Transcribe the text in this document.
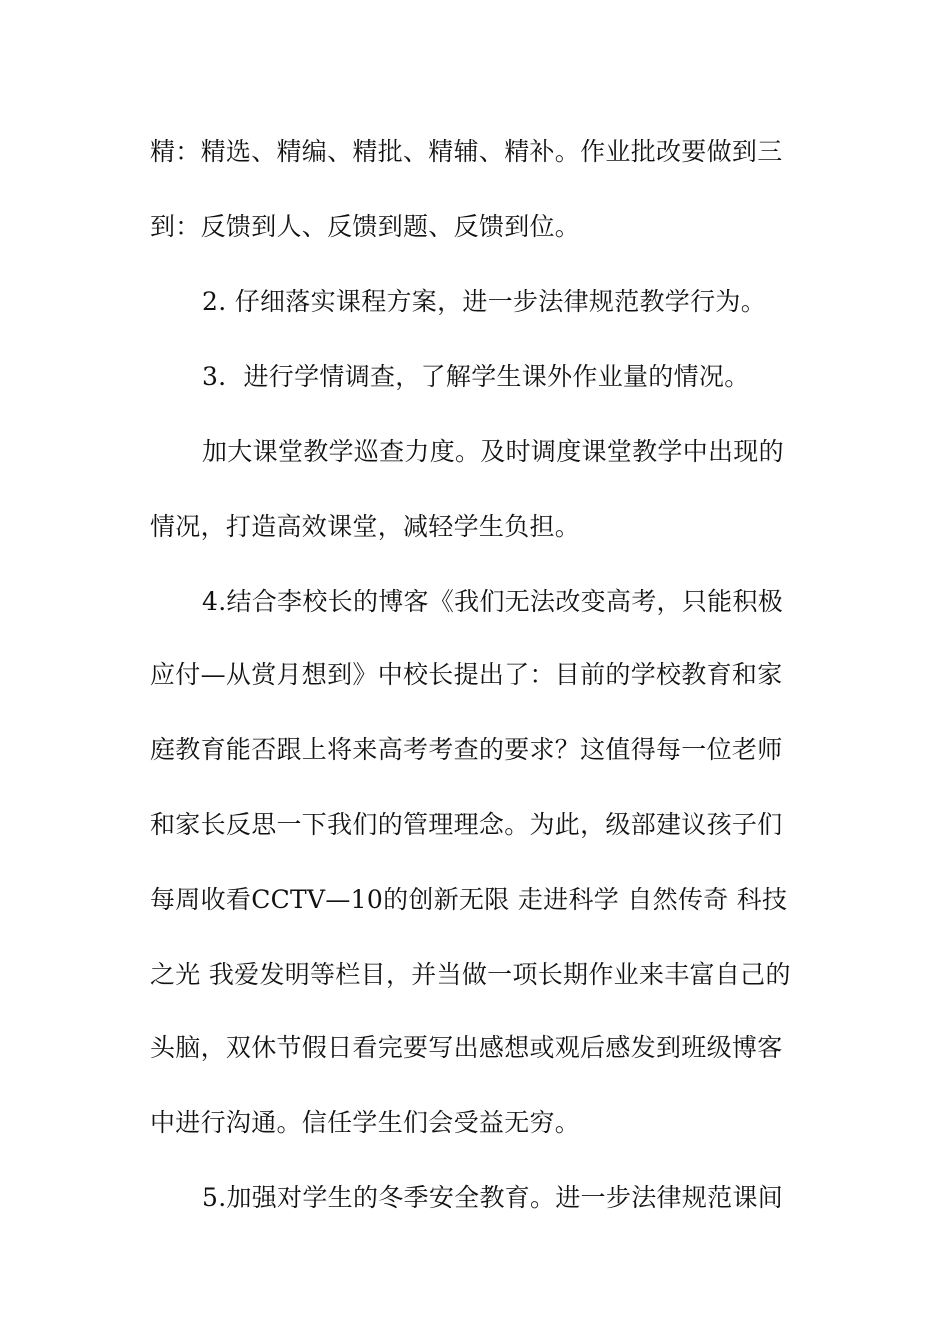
精：精选、精编、精批、精辅、精补。作业批改要做到三
到：反馈到人、反馈到题、反馈到位。
2. 仔细落实课程方案，进一步法律规范教学行为。
3．进行学情调查，了解学生课外作业量的情况。
加大课堂教学巡查力度。及时调度课堂教学中出现的
情况，打造高效课堂，减轻学生负担。
4.结合李校长的博客《我们无法改变高考，只能积极
应付—从赏月想到》中校长提出了：目前的学校教育和家
庭教育能否跟上将来高考考查的要求？这值得每一位老师
和家长反思一下我们的管理理念。为此，级部建议孩子们
每周收看CCTV—10的创新无限 走进科学 自然传奇 科技
之光 我爱发明等栏目，并当做一项长期作业来丰富自己的
头脑，双休节假日看完要写出感想或观后感发到班级博客
中进行沟通。信任学生们会受益无穷。
5.加强对学生的冬季安全教育。进一步法律规范课间
